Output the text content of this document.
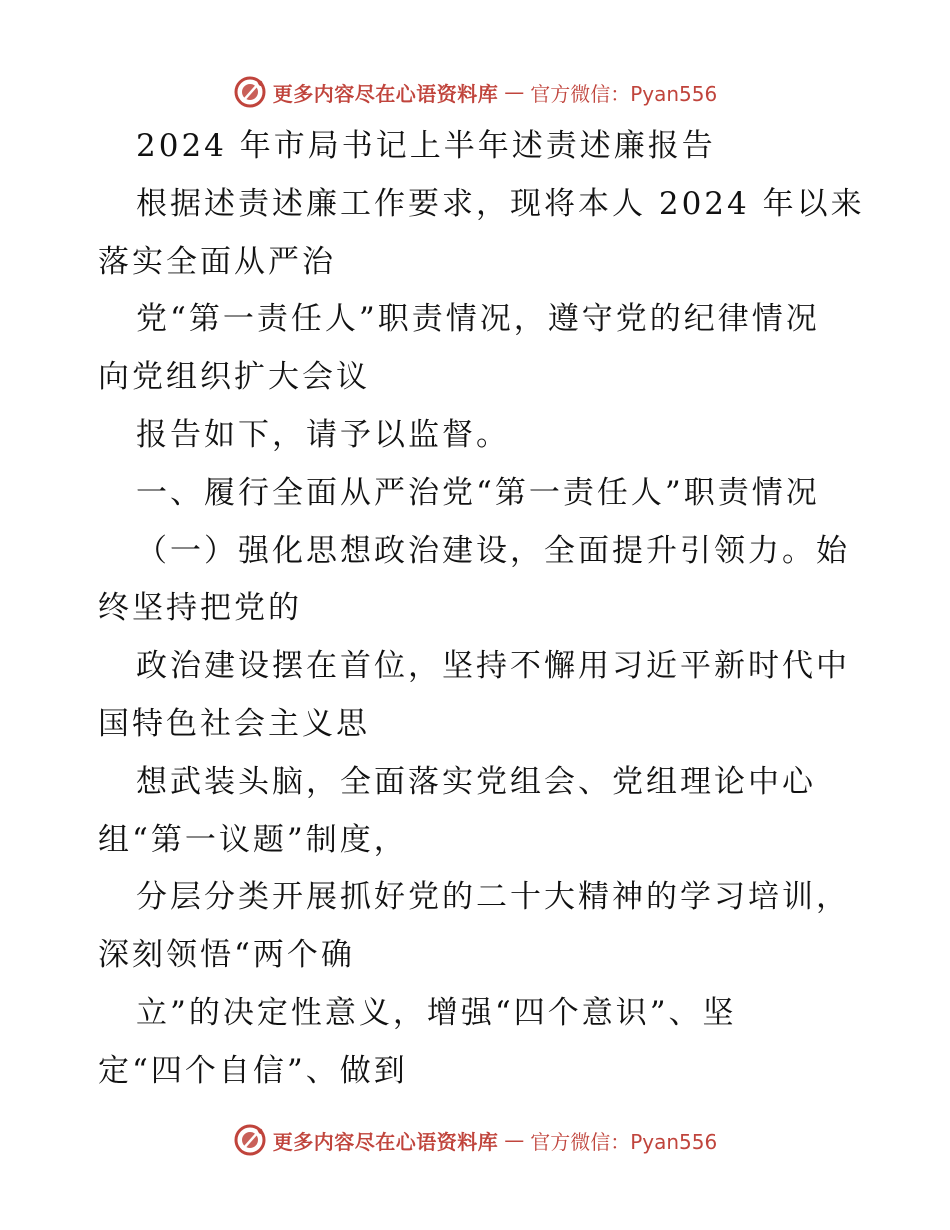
更多内容尽在心语资料库 — 官方微信：Pyan556
2024 年市局书记上半年述责述廉报告
根据述责述廉工作要求，现将本人 2024 年以来
落实全面从严治
党“第一责任人”职责情况，遵守党的纪律情况
向党组织扩大会议
报告如下，请予以监督。
一、履行全面从严治党“第一责任人”职责情况
（一）强化思想政治建设，全面提升引领力。始
终坚持把党的
政治建设摆在首位，坚持不懈用习近平新时代中
国特色社会主义思
想武装头脑，全面落实党组会、党组理论中心
组“第一议题”制度，
分层分类开展抓好党的二十大精神的学习培训，
深刻领悟“两个确
立”的决定性意义，增强“四个意识”、坚
定“四个自信”、做到
更多内容尽在心语资料库 — 官方微信：Pyan556
